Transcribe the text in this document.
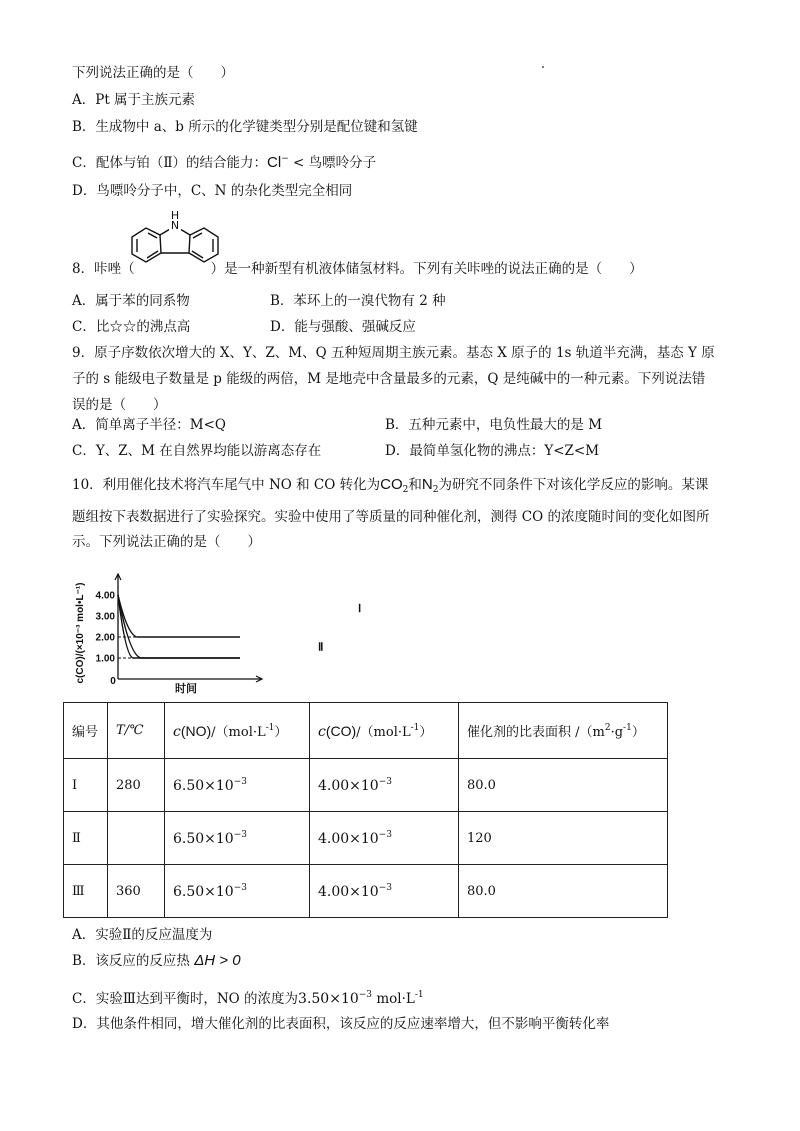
下列说法正确的是（　　）
A．Pt 属于主族元素
B．生成物中 a、b 所示的化学键类型分别是配位键和氢键
C．配体与铂（Ⅱ）的结合能力：Cl− < 鸟嘌呤分子
D．鸟嘌呤分子中，C、N 的杂化类型完全相同
8．咔唑（	）是一种新型有机液体储氢材料。下列有关咔唑的说法正确的是（　　）
H
N
A．属于苯的同系物	B．苯环上的一溴代物有 2 种
C．比☆☆的沸点高	D．能与强酸、强碱反应
9．原子序数依次增大的 X、Y、Z、M、Q 五种短周期主族元素。基态 X 原子的 1s 轨道半充满，基态 Y 原
子的 s 能级电子数量是 p 能级的两倍，M 是地壳中含量最多的元素，Q 是纯碱中的一种元素。下列说法错
误的是（　　）
A．简单离子半径：M<Q	B．五种元素中，电负性最大的是 M
C．Y、Z、M 在自然界均能以游离态存在	D．最简单氢化物的沸点：Y<Z<M
10．利用催化技术将汽车尾气中 NO 和 CO 转化为$CO_2$和$N_2$为研究不同条件下对该化学反应的影响。某课
题组按下表数据进行了实验探究。实验中使用了等质量的同种催化剂，测得 CO 的浓度随时间的变化如图所
示。下列说法正确的是（　　）
c(CO)/(×10⁻³ mol•L⁻¹)
时间
0
4.00
3.00
2.00
1.00
Ⅰ
Ⅱ
编号	T/℃	$c(NO)/(mol\cdot L^{-1})$	$c(CO)/(mol\cdot L^{-1})$	催化剂的比表面积 $/(m^2\cdot g^{-1})$
Ⅰ	280	$6.50\times 10^{-3}$	$4.00\times 10^{-3}$	80.0
Ⅱ		$6.50\times 10^{-3}$	$4.00\times 10^{-3}$	120
Ⅲ	360	$6.50\times 10^{-3}$	$4.00\times 10^{-3}$	80.0
A．实验Ⅱ的反应温度为
B．该反应的反应热 ΔH > 0
C．实验Ⅲ达到平衡时，NO 的浓度为$3.50\times 10^{-3}$ $mol\cdot L^{-1}$
D．其他条件相同，增大催化剂的比表面积，该反应的反应速率增大，但不影响平衡转化率
